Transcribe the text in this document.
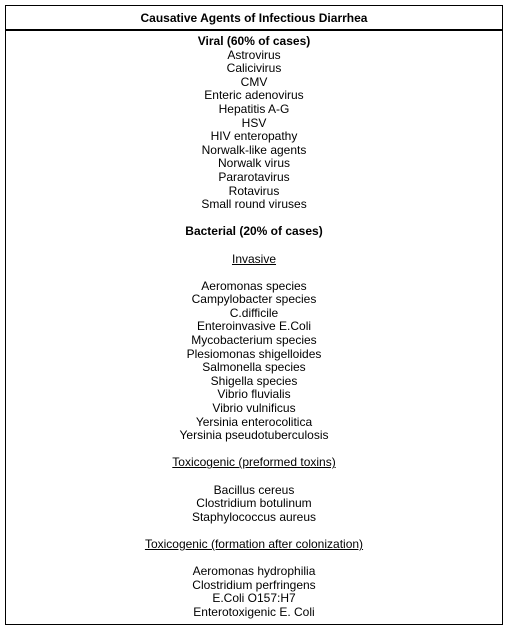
Causative Agents of Infectious Diarrhea
Viral (60% of cases)
Astrovirus
Calicivirus
CMV
Enteric adenovirus
Hepatitis A-G
HSV
HIV enteropathy
Norwalk-like agents
Norwalk virus
Pararotavirus
Rotavirus
Small round viruses
Bacterial (20% of cases)
Invasive
Aeromonas species
Campylobacter species
C.difficile
Enteroinvasive E.Coli
Mycobacterium species
Plesiomonas shigelloides
Salmonella species
Shigella species
Vibrio fluvialis
Vibrio vulnificus
Yersinia enterocolitica
Yersinia pseudotuberculosis
Toxicogenic (preformed toxins)
Bacillus cereus
Clostridium botulinum
Staphylococcus aureus
Toxicogenic (formation after colonization)
Aeromonas hydrophilia
Clostridium perfringens
E.Coli O157:H7
Enterotoxigenic E. Coli
